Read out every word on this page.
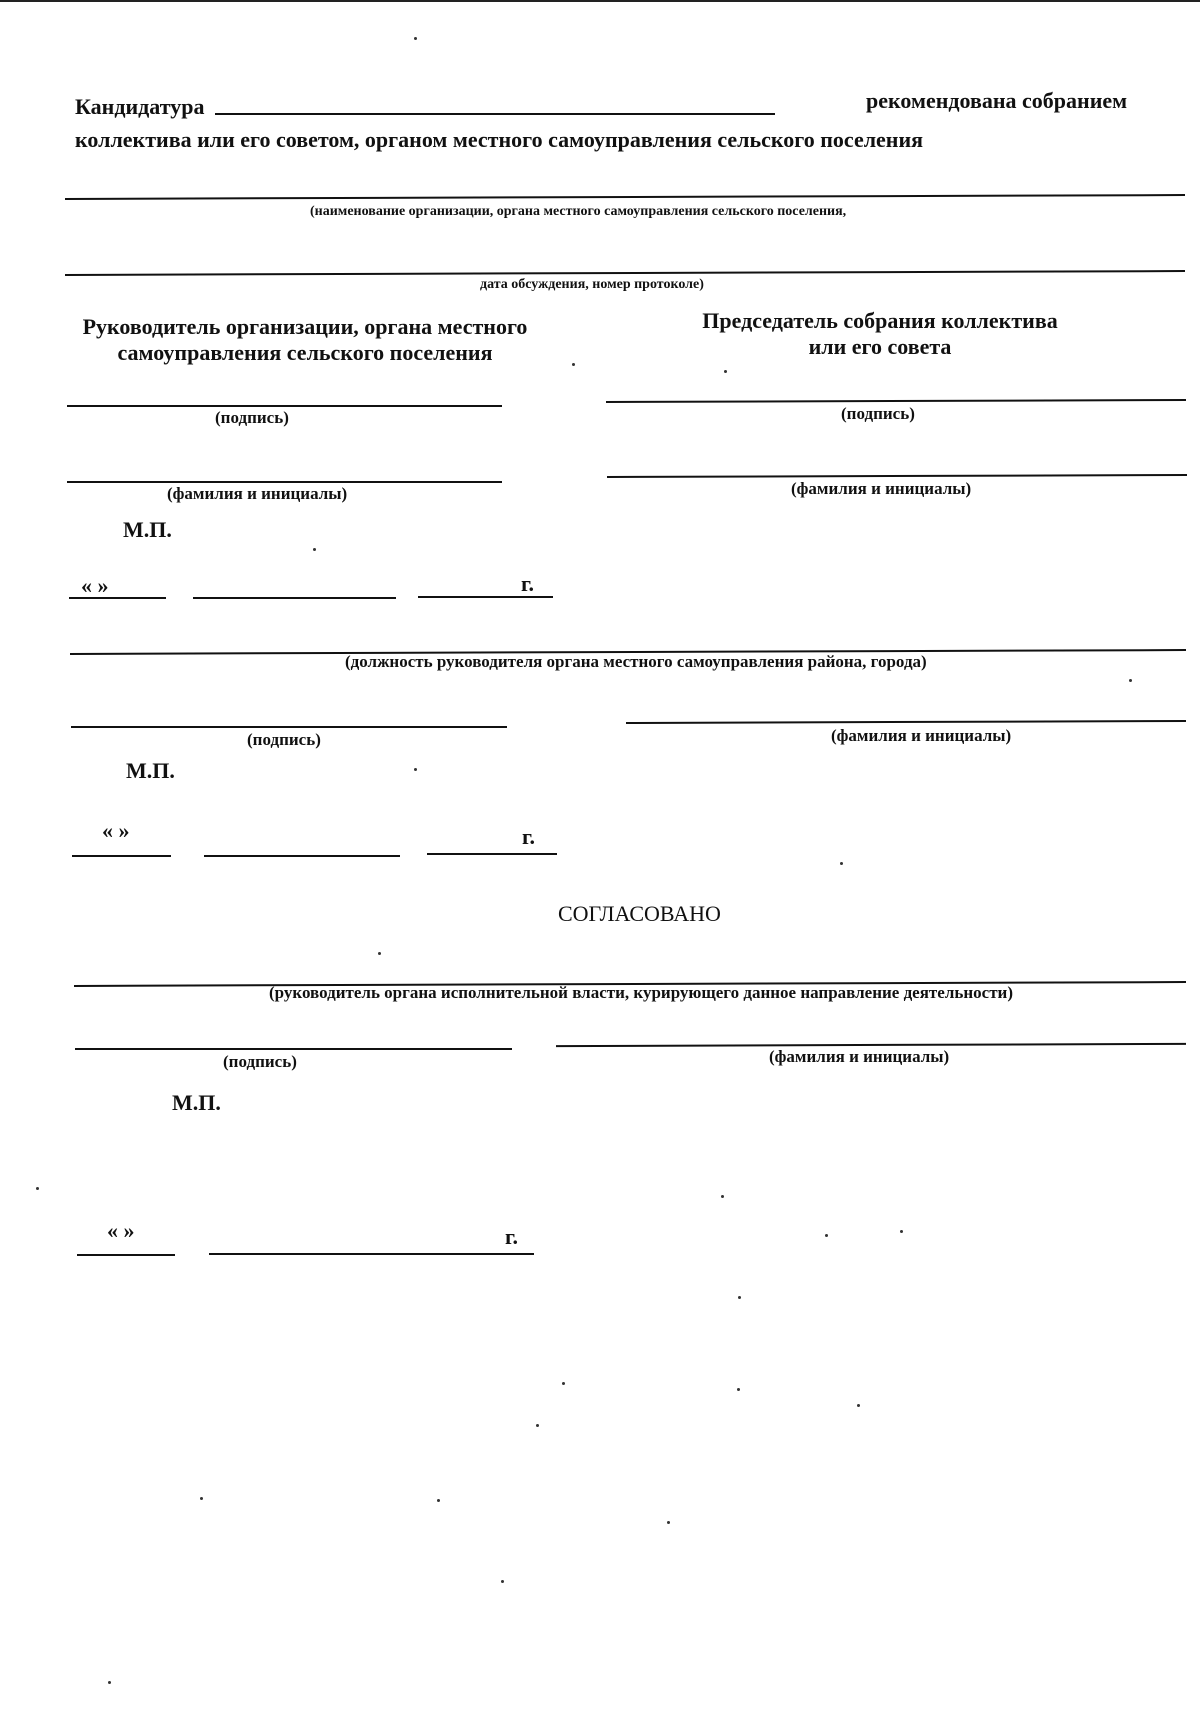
Кандидатура	рекомендована собранием
коллектива или его советом, органом местного самоуправления сельского поселения
(наименование организации, органа местного самоуправления сельского поселения,
дата обсуждения, номер протоколе)
Руководитель организации, органа местного
самоуправления сельского поселения
Председатель собрания коллектива
или его совета
(подпись)	(подпись)
(фамилия и инициалы)	(фамилия и инициалы)
М.П.
« »	г.
(должность руководителя органа местного самоуправления района, города)
(подпись)	(фамилия и инициалы)
М.П.
« »	г.
СОГЛАСОВАНО
(руководитель органа исполнительной власти, курирующего данное направление деятельности)
(подпись)	(фамилия и инициалы)
М.П.
« »	г.
